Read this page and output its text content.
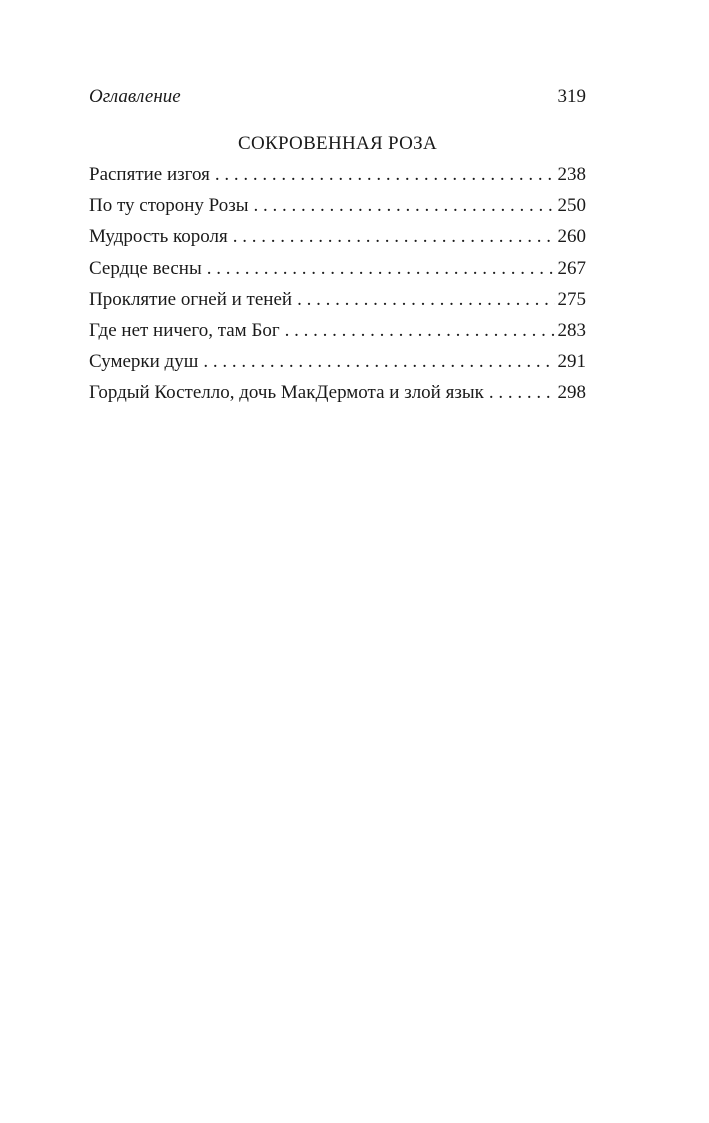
Оглавление	319
СОКРОВЕННАЯ РОЗА
Распятие изгоя . . .	238
По ту сторону Розы . . .	250
Мудрость короля . . .	260
Сердце весны . . .	267
Проклятие огней и теней . . .	275
Где нет ничего, там Бог . . .	283
Сумерки душ . . .	291
Гордый Костелло, дочь МакДермота и злой язык . . .	298
